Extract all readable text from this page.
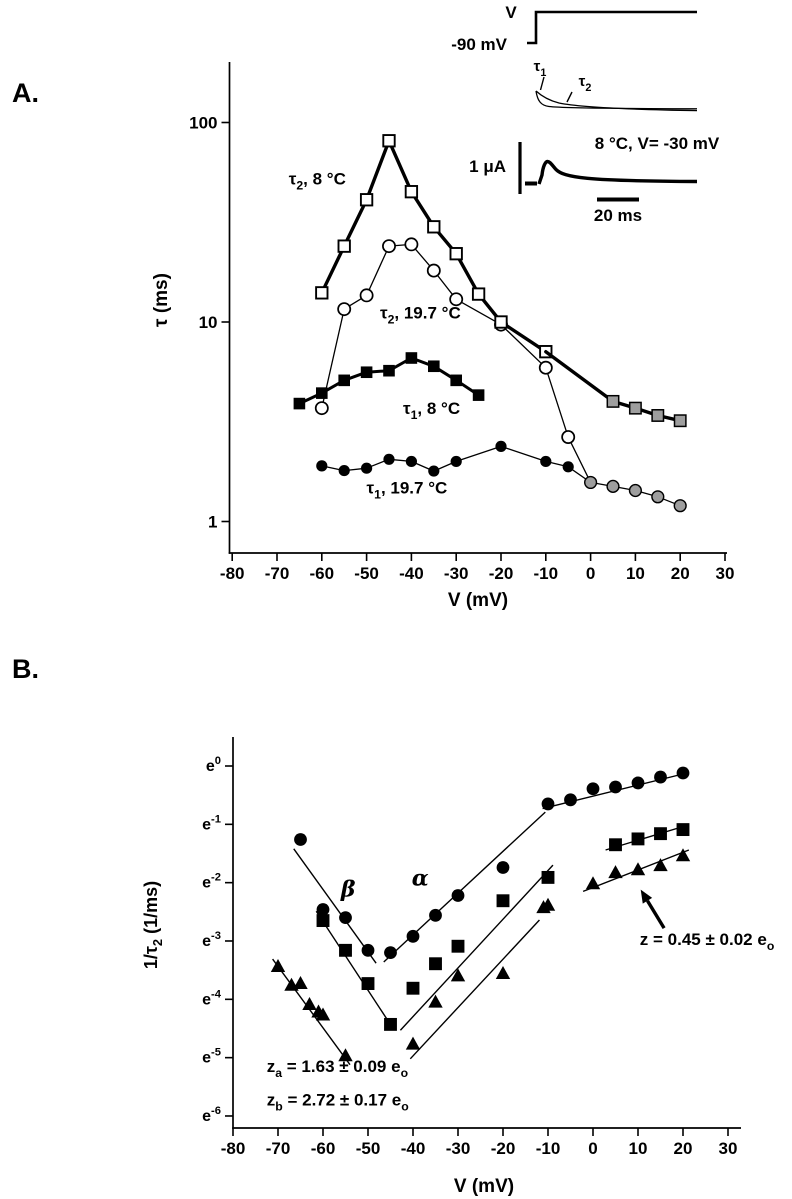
-80 -70 -60 -50 -40 -30 -20 -10 0 10 20 30
100
10
1
V (mV)
τ (ms)
$\tau_2$, 8 °C
$\tau_2$, 19.7 °C
$\tau_1$, 8 °C
$\tau_1$, 19.7 °C
V
-90 mV
$\tau_1$ $\tau_2$
8 °C, V= -30 mV
1 μA
20 ms
-80 -70 -60 -50 -40 -30 -20 -10 0 10 20 30
$e^0$
$e^{-1}$
$e^{-2}$
$e^{-3}$
$e^{-4}$
$e^{-5}$
$e^{-6}$
V (mV)
$1/\tau_2$ (1/ms)	β	α
z = 0.45 ± 0.02 $e_o$
$z_a = 1.63 \pm 0.09$ $e_o$
$z_b = 2.72 \pm 0.17$ $e_o$
A.
B.
